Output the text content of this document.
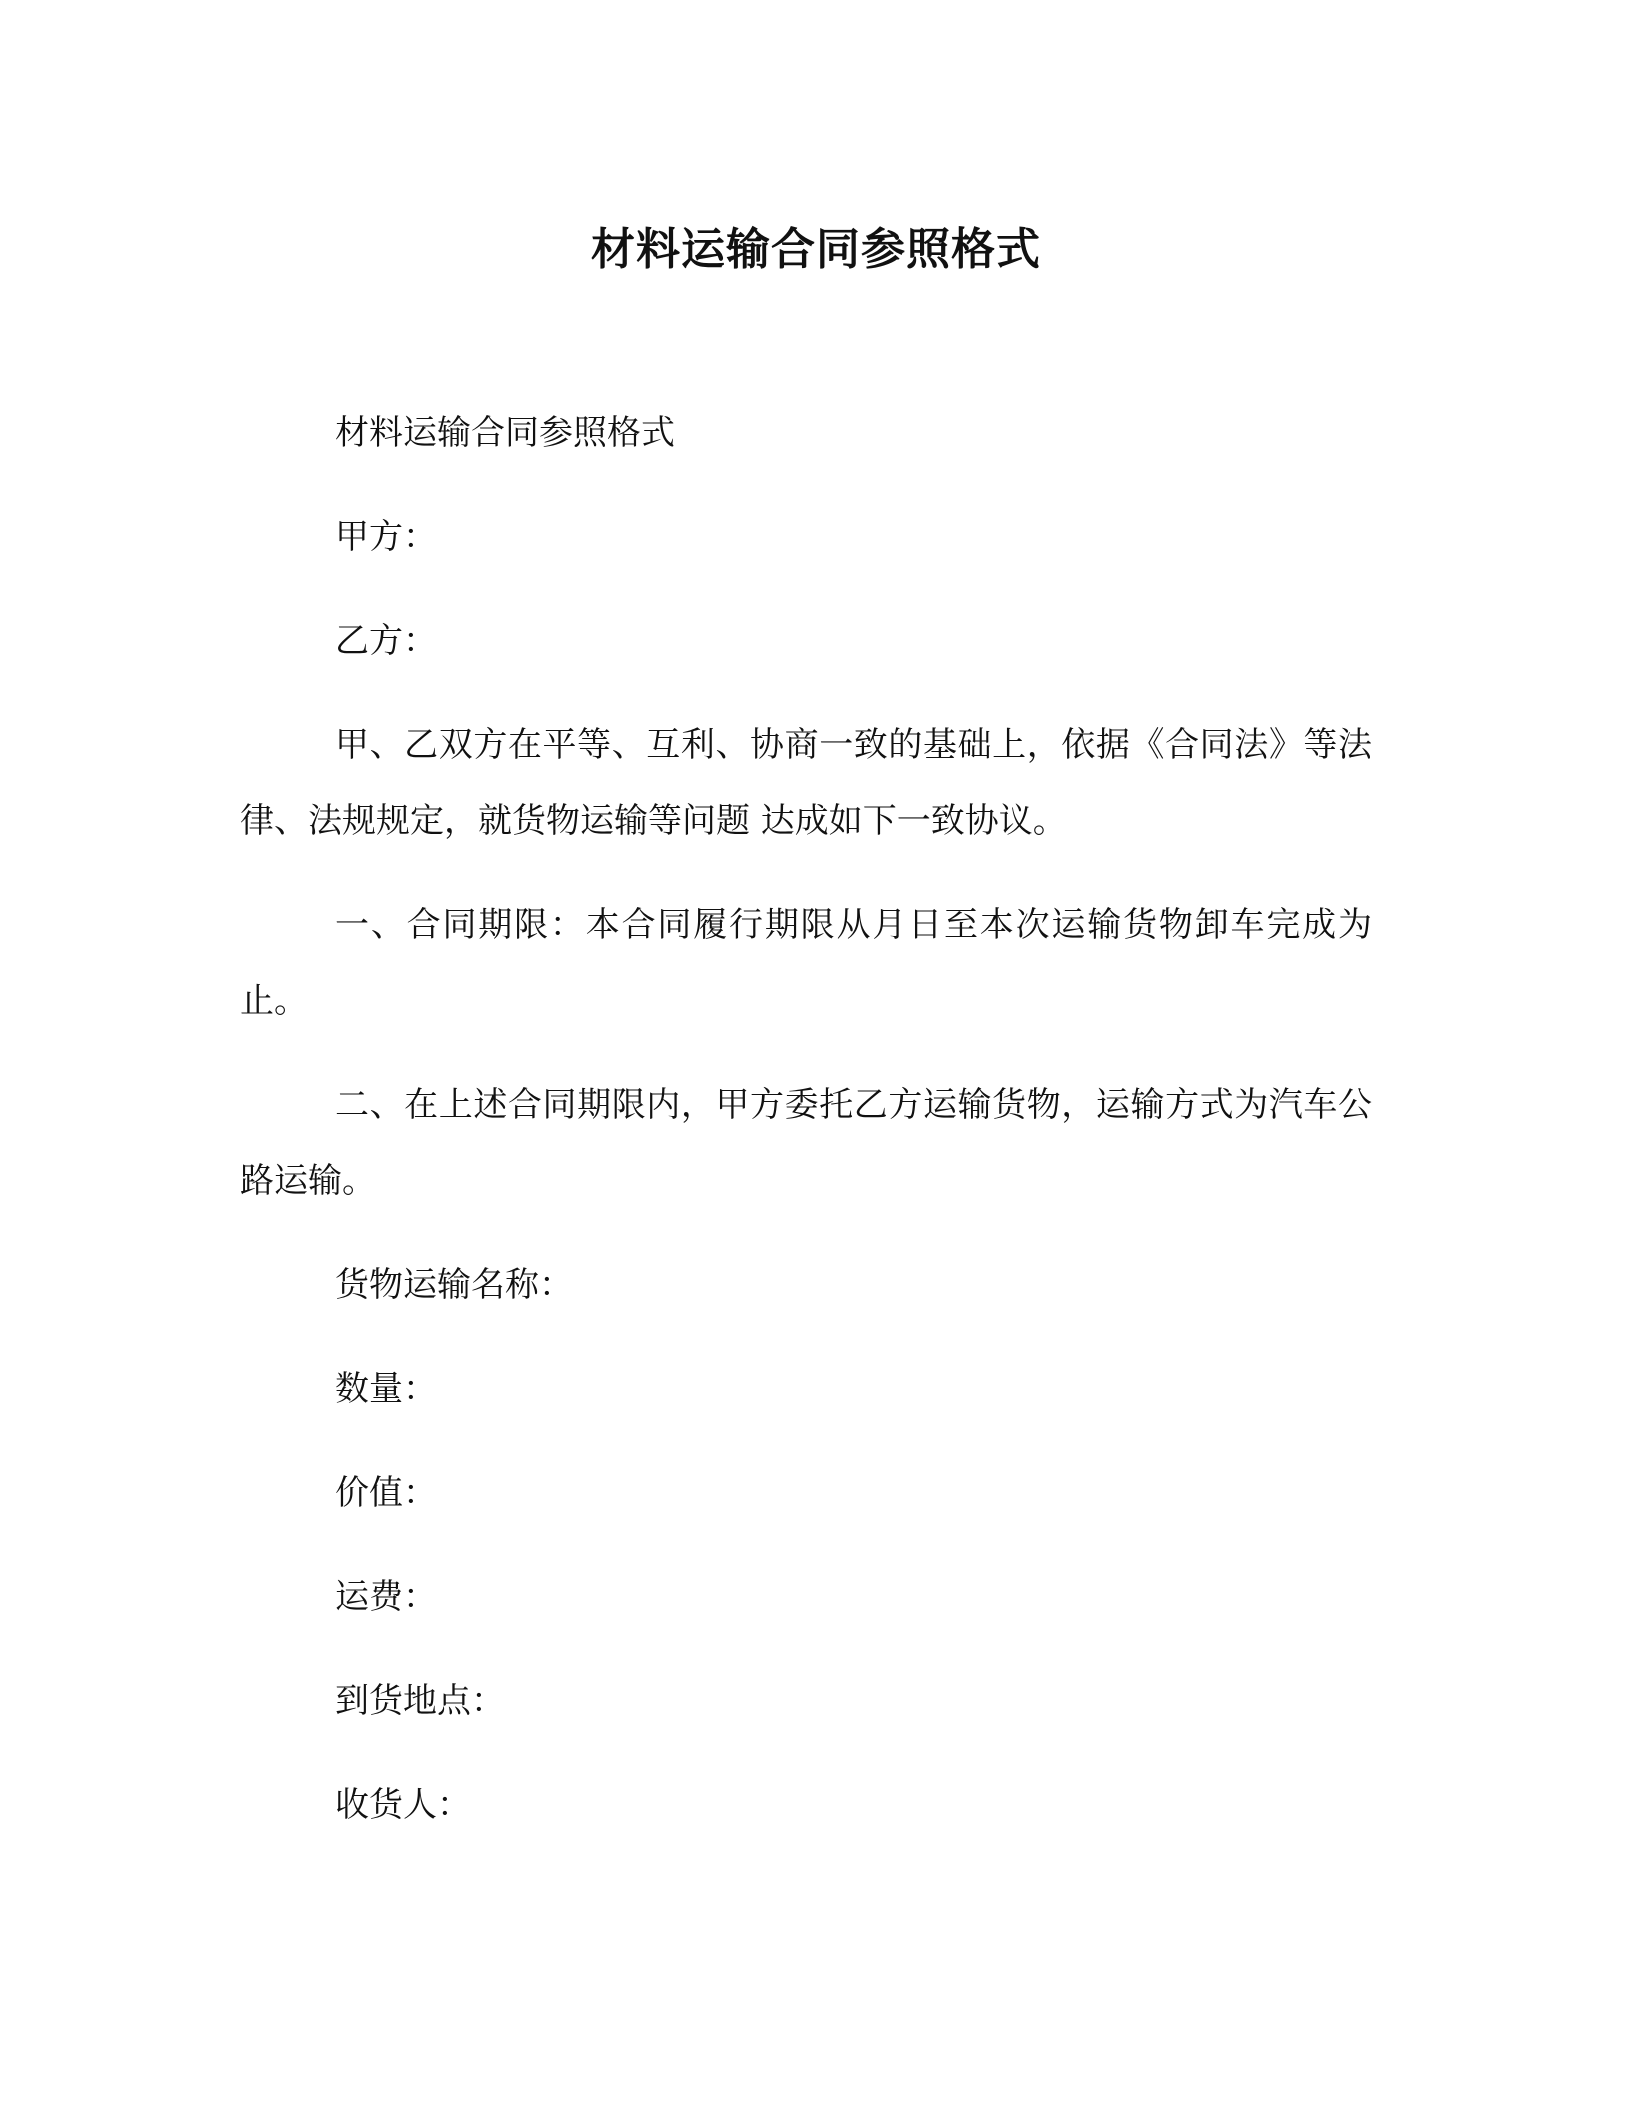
材料运输合同参照格式

材料运输合同参照格式

甲方：

乙方：

甲、乙双方在平等、互利、协商一致的基础上，依据《合同法》等法律、法规规定，就货物运输等问题 达成如下一致协议。

一、合同期限：本合同履行期限从月日至本次运输货物卸车完成为止。

二、在上述合同期限内，甲方委托乙方运输货物，运输方式为汽车公路运输。

货物运输名称：

数量：

价值：

运费：

到货地点：

收货人：
